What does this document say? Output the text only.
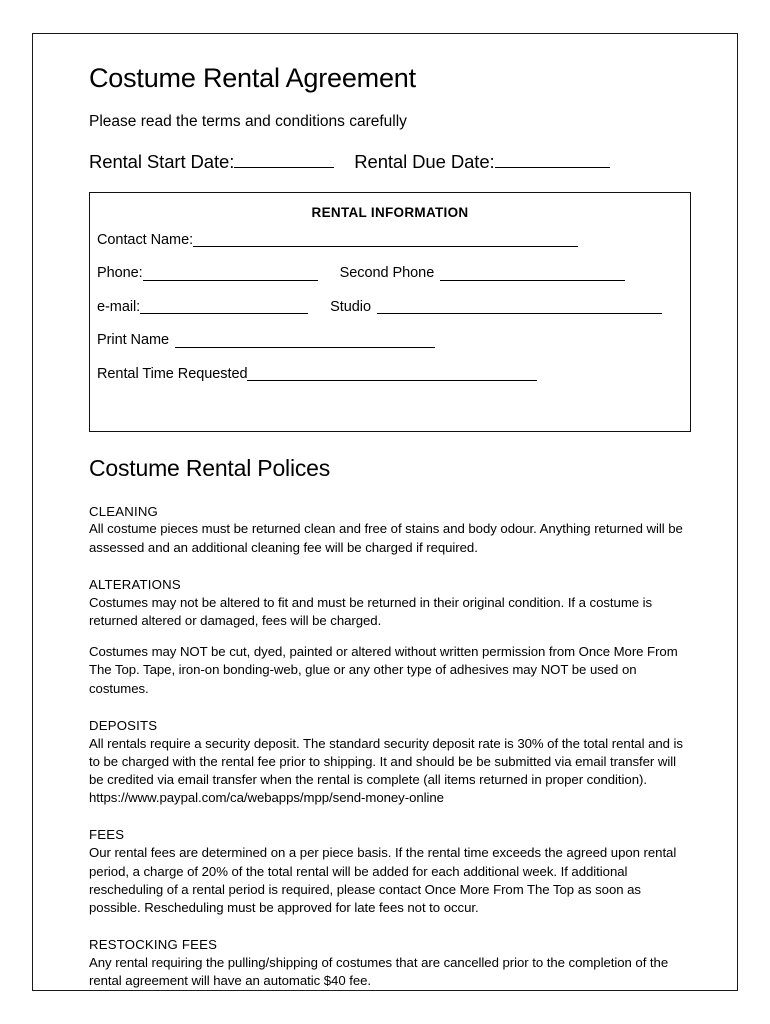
Costume Rental Agreement
Please read the terms and conditions carefully
Rental Start Date:	Rental Due Date:
RENTAL INFORMATION
Contact Name:
Phone:	Second Phone
e-mail:	Studio
Print Name
Rental Time Requested
Costume Rental Polices
CLEANING

All costume pieces must be returned clean and free of stains and body odour. Anything returned will be assessed and an additional cleaning fee will be charged if required.

ALTERATIONS

Costumes may not be altered to fit and must be returned in their original condition. If a costume is returned altered or damaged, fees will be charged.

Costumes may NOT be cut, dyed, painted or altered without written permission from Once More From The Top. Tape, iron-on bonding-web, glue or any other type of adhesives may NOT be used on costumes.

DEPOSITS

All rentals require a security deposit. The standard security deposit rate is 30% of the total rental and is to be charged with the rental fee prior to shipping. It and should be be submitted via email transfer will be credited via email transfer when the rental is complete (all items returned in proper condition). https://www.paypal.com/ca/webapps/mpp/send-money-online

FEES

Our rental fees are determined on a per piece basis. If the rental time exceeds the agreed upon rental period, a charge of 20% of the total rental will be added for each additional week. If additional rescheduling of a rental period is required, please contact Once More From The Top as soon as possible. Rescheduling must be approved for late fees not to occur.

RESTOCKING FEES

Any rental requiring the pulling/shipping of costumes that are cancelled prior to the completion of the rental agreement will have an automatic $40 fee.
